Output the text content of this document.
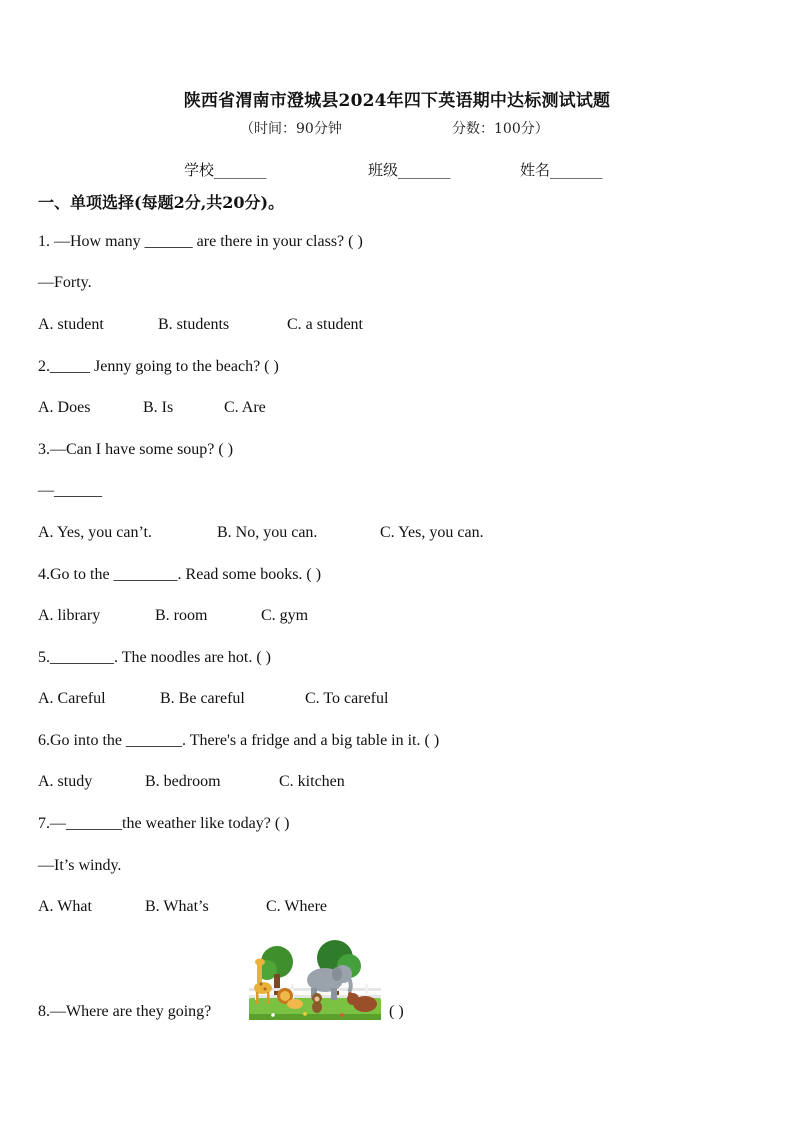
陕西省渭南市澄城县2024年四下英语期中达标测试试题
（时间：90分钟	分数：100分）
学校_______	班级_______	姓名_______
一、单项选择(每题2分,共20分)。
1. —How many ______ are there in your class? ( )
—Forty.
A. student	B. students	C. a student
2._____ Jenny going to the beach? ( )
A. Does	B. Is	C. Are
3.—Can I have some soup? ( )
—______
A. Yes, you can’t.	B. No, you can.	C. Yes, you can.
4.Go to the ________. Read some books. ( )
A. library	B. room	C. gym
5.________. The noodles are hot. ( )
A. Careful	B. Be careful	C. To careful
6.Go into the _______. There's a fridge and a big table in it. ( )
A. study	B. bedroom	C. kitchen
7.—_______the weather like today? ( )
—It’s windy.
A. What	B. What’s	C. Where
8.—Where are they going?	( )
